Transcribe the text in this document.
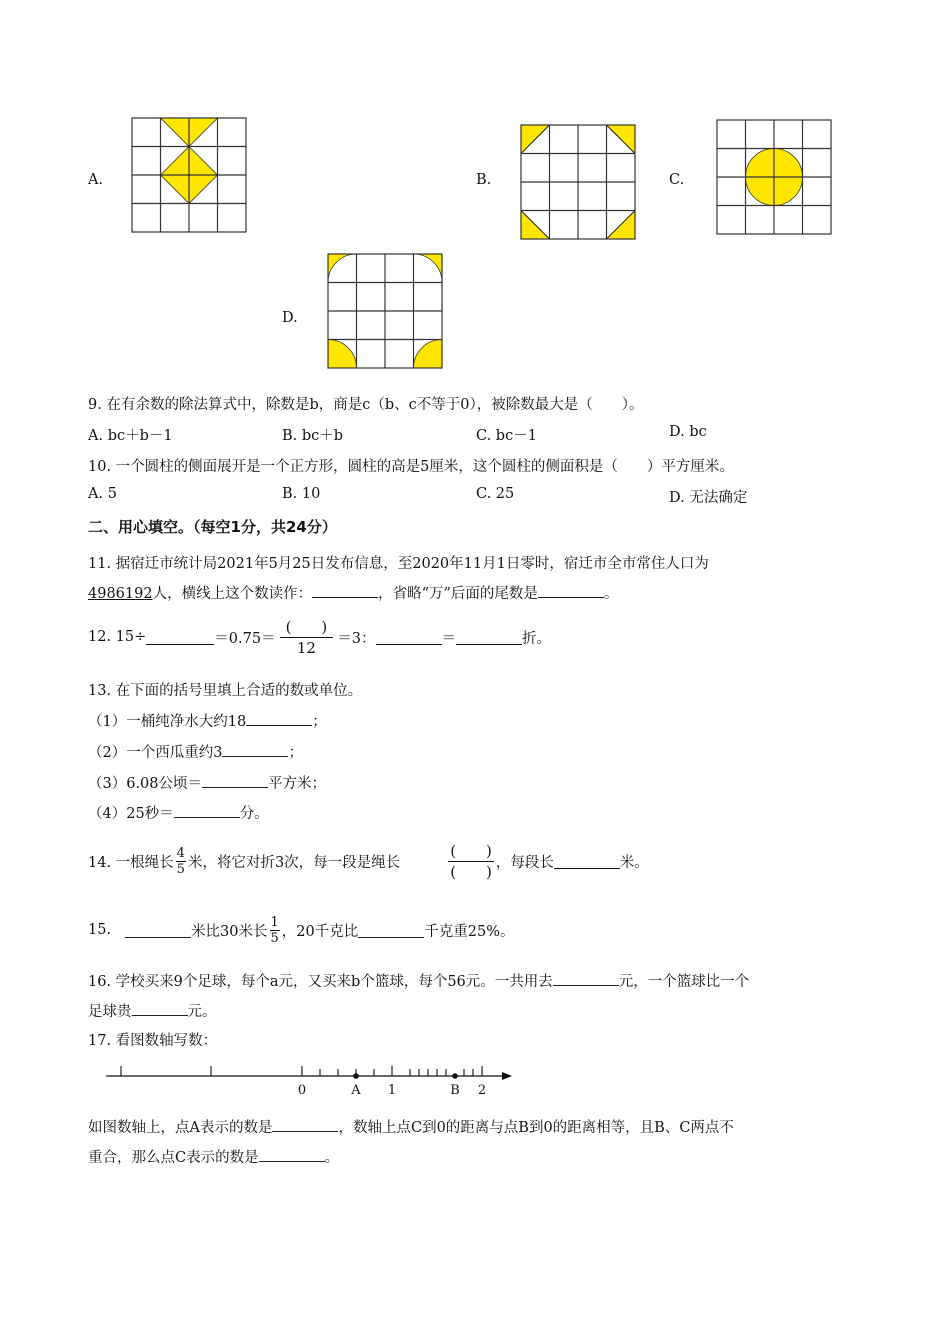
A.	B.	C.
D.
9. 在有余数的除法算式中，除数是b，商是c（b、c不等于0），被除数最大是（　　）。
A. bc＋b－1	B. bc＋b	C. bc－1	D. bc
10. 一个圆柱的侧面展开是一个正方形，圆柱的高是5厘米，这个圆柱的侧面积是（　　）平方厘米。
A. 5	B. 10	C. 25	D. 无法确定
二、用心填空。（每空1分，共24分）
11. 据宿迁市统计局2021年5月25日发布信息，至2020年11月1日零时，宿迁市全市常住人口为
4986192人，横线上这个数读作：	，省略“万”后面的尾数是	。
12. 15÷	$=0.75= \frac{( )}{12} =3$：	＝	折。
13. 在下面的括号里填上合适的数或单位。
（1）一桶纯净水大约18	；
（2）一个西瓜重约3	；
（3）6.08公顷＝	平方米；
（4）25秒＝	分。
14. 一根绳长 $\frac{4}{5}$ 米，将它对折3次，每一段是绳长	$\frac{( )}{( )}$ ，每段长	米。
15.	米比30米长 $\frac{1}{5}$ ，20千克比	千克重25%。
16. 学校买来9个足球，每个a元，又买来b个篮球，每个56元。一共用去	元，一个篮球比一个
足球贵	元。
17. 看图数轴写数：
0	A 1	B 2
如图数轴上，点A表示的数是	，数轴上点C到0的距离与点B到0的距离相等，且B、C两点不
重合，那么点C表示的数是	。
